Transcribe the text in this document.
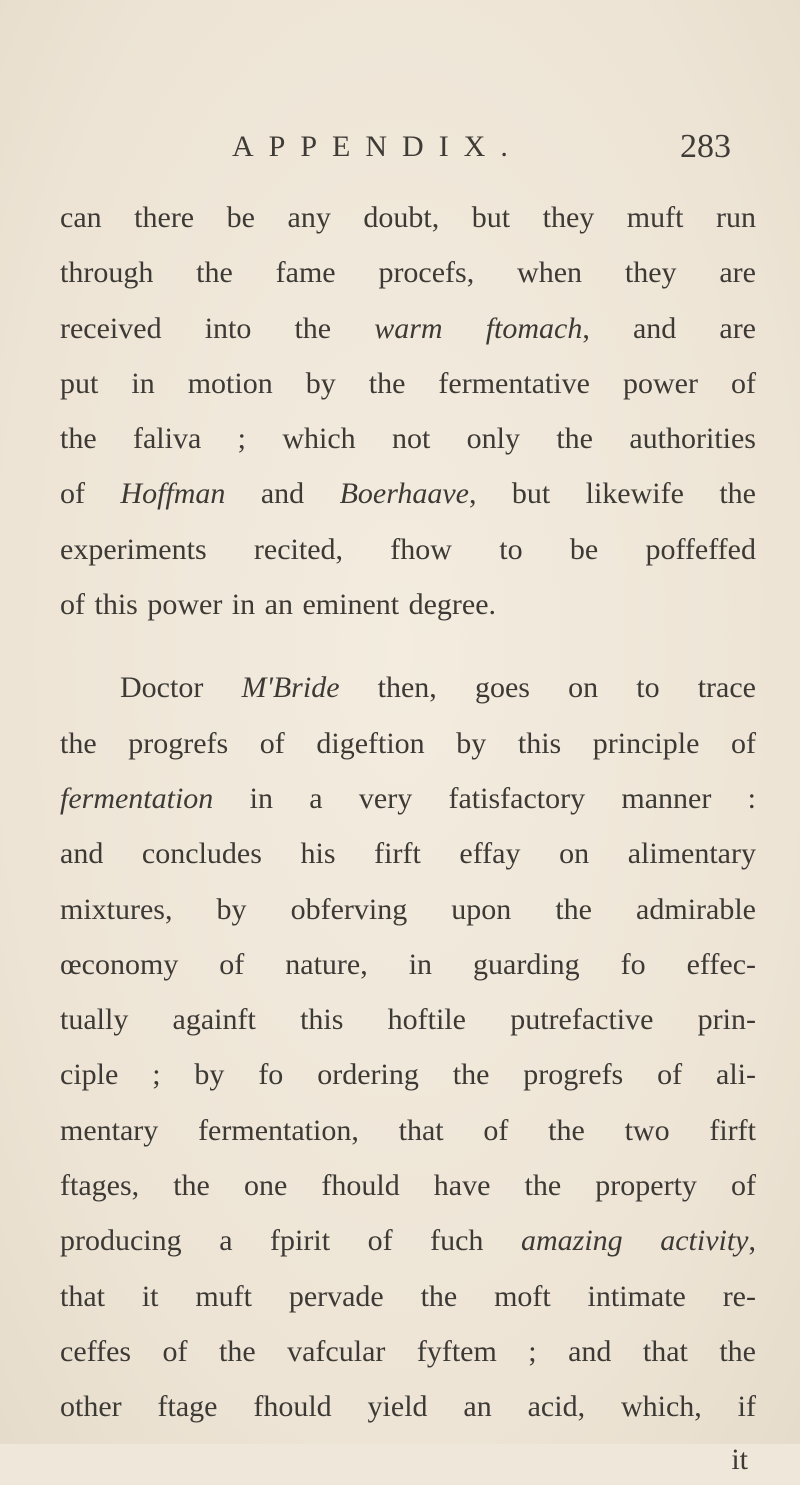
APPENDIX.	283
can there be any doubt, but they muft run
through the fame procefs, when they are
received into the warm ftomach, and are
put in motion by the fermentative power of
the faliva ; which not only the authorities
of Hoffman and Boerhaave, but likewife the
experiments recited, fhow to be poffeffed
of this power in an eminent degree.
Doctor M'Bride then, goes on to trace
the progrefs of digeftion by this principle of
fermentation in a very fatisfactory manner :
and concludes his firft effay on alimentary
mixtures, by obferving upon the admirable
œconomy of nature, in guarding fo effec-
tually againft this hoftile putrefactive prin-
ciple ; by fo ordering the progrefs of ali-
mentary fermentation, that of the two firft
ftages, the one fhould have the property of
producing a fpirit of fuch amazing activity,
that it muft pervade the moft intimate re-
ceffes of the vafcular fyftem ; and that the
other ftage fhould yield an acid, which, if
it
